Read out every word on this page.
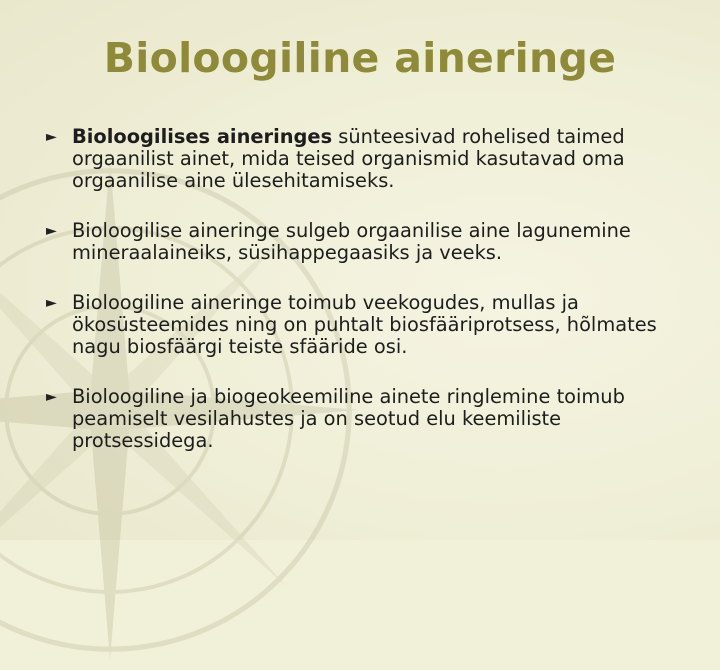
Bioloogiline aineringe
► Bioloogilises aineringes sünteesivad rohelised taimed orgaanilist ainet, mida teised organismid kasutavad oma orgaanilise aine ülesehitamiseks.
► Bioloogilise aineringe sulgeb orgaanilise aine lagunemine mineraalaineiks, süsihappegaasiks ja veeks.
► Bioloogiline aineringe toimub veekogudes, mullas ja ökosüsteemides ning on puhtalt biosfääriprotsess, hõlmates nagu biosfäärgi teiste sfääride osi.
► Bioloogiline ja biogeokeemiline ainete ringlemine toimub peamiselt vesilahustes ja on seotud elu keemiliste protsessidega.
